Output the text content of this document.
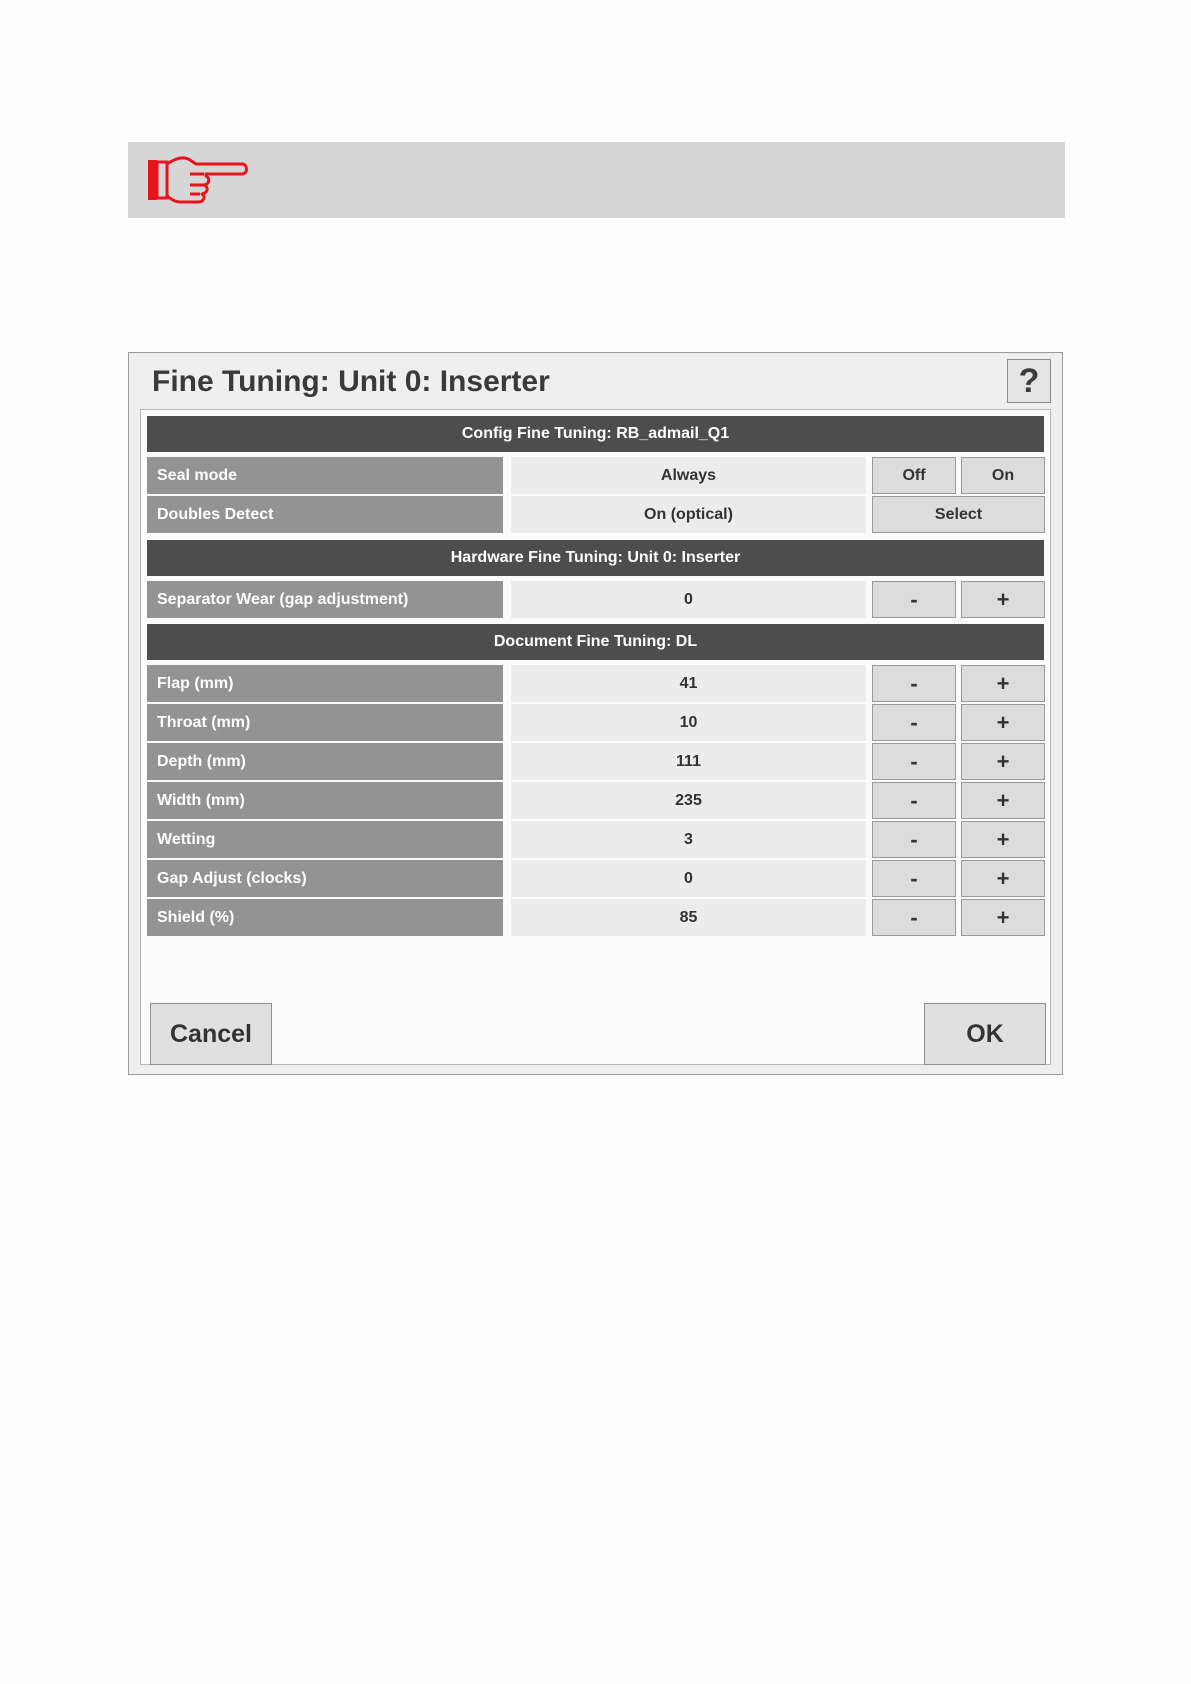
Fine Tuning: Unit 0: Inserter	?
Config Fine Tuning: RB_admail_Q1
Seal mode	Always	Off	On
Doubles Detect	On (optical)	Select
Hardware Fine Tuning: Unit 0: Inserter
Separator Wear (gap adjustment)	0	-	+
Document Fine Tuning: DL
Flap (mm)	41	-	+
Throat (mm)	10	-	+
Depth (mm)	111	-	+
Width (mm)	235	-	+
Wetting	3	-	+
Gap Adjust (clocks)	0	-	+
Shield (%)	85	-	+
Cancel	OK
